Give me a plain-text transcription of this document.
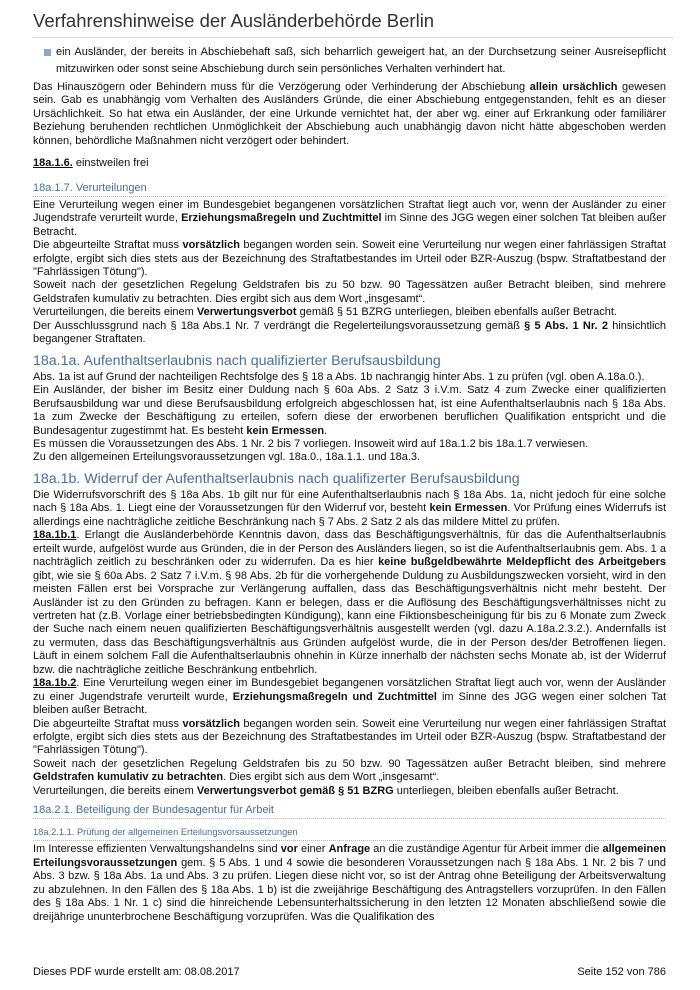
Verfahrenshinweise der Ausländerbehörde Berlin
ein Ausländer, der bereits in Abschiebehaft saß, sich beharrlich geweigert hat, an der Durchsetzung seiner Ausreisepflicht mitzuwirken oder sonst seine Abschiebung durch sein persönliches Verhalten verhindert hat.

Das Hinauszögern oder Behindern muss für die Verzögerung oder Verhinderung der Abschiebung allein ursächlich gewesen sein. Gab es unabhängig vom Verhalten des Ausländers Gründe, die einer Abschiebung entgegenstanden, fehlt es an dieser Ursächlichkeit. So hat etwa ein Ausländer, der eine Urkunde vernichtet hat, der aber wg. einer auf Erkrankung oder familiärer Beziehung beruhenden rechtlichen Unmöglichkeit der Abschiebung auch unabhängig davon nicht hätte abgeschoben werden können, behördliche Maßnahmen nicht verzögert oder behindert.

18a.1.6. einstweilen frei

18a.1.7. Verurteilungen

Eine Verurteilung wegen einer im Bundesgebiet begangenen vorsätzlichen Straftat liegt auch vor, wenn der Ausländer zu einer Jugendstrafe verurteilt wurde, Erziehungsmaßregeln und Zuchtmittel im Sinne des JGG wegen einer solchen Tat bleiben außer Betracht.

Die abgeurteilte Straftat muss vorsätzlich begangen worden sein. Soweit eine Verurteilung nur wegen einer fahrlässigen Straftat erfolgte, ergibt sich dies stets aus der Bezeichnung des Straftatbestandes im Urteil oder BZR-Auszug (bspw. Straftatbestand der "Fahrlässigen Tötung").

Soweit nach der gesetzlichen Regelung Geldstrafen bis zu 50 bzw. 90 Tagessätzen außer Betracht bleiben, sind mehrere Geldstrafen kumulativ zu betrachten. Dies ergibt sich aus dem Wort „insgesamt“.

Verurteilungen, die bereits einem Verwertungsverbot gemäß § 51 BZRG unterliegen, bleiben ebenfalls außer Betracht.

Der Ausschlussgrund nach § 18a Abs.1 Nr. 7 verdrängt die Regelerteilungsvoraussetzung gemäß § 5 Abs. 1 Nr. 2 hinsichtlich begangener Straftaten.

18a.1a. Aufenthaltserlaubnis nach qualifizierter Berufsausbildung

Abs. 1a ist auf Grund der nachteiligen Rechtsfolge des § 18 a Abs. 1b nachrangig hinter Abs. 1 zu prüfen (vgl. oben A.18a.0.).

Ein Ausländer, der bisher im Besitz einer Duldung nach § 60a Abs. 2 Satz 3 i.V.m. Satz 4 zum Zwecke einer qualifizierten Berufsausbildung war und diese Berufsausbildung erfolgreich abgeschlossen hat, ist eine Aufenthaltserlaubnis nach § 18a Abs. 1a zum Zwecke der Beschäftigung zu erteilen, sofern diese der erworbenen beruflichen Qualifikation entspricht und die Bundesagentur zugestimmt hat. Es besteht kein Ermessen.

Es müssen die Voraussetzungen des Abs. 1 Nr. 2 bis 7 vorliegen. Insoweit wird auf 18a.1.2 bis 18a.1.7 verwiesen.

Zu den allgemeinen Erteilungsvoraussetzungen vgl. 18a.0., 18a.1.1. und 18a.3.

18a.1b. Widerruf der Aufenthaltserlaubnis nach qualifizerter Berufsausbildung

Die Widerrufsvorschrift des § 18a Abs. 1b gilt nur für eine Aufenthaltserlaubnis nach § 18a Abs. 1a, nicht jedoch für eine solche nach § 18a Abs. 1. Liegt eine der Voraussetzungen für den Widerruf vor, besteht kein Ermessen. Vor Prüfung eines Widerrufs ist allerdings eine nachträgliche zeitliche Beschränkung nach § 7 Abs. 2 Satz 2 als das mildere Mittel zu prüfen.

18a.1b.1. Erlangt die Ausländerbehörde Kenntnis davon, dass das Beschäftigungsverhältnis, für das die Aufenthaltserlaubnis erteilt wurde, aufgelöst wurde aus Gründen, die in der Person des Ausländers liegen, so ist die Aufenthaltserlaubnis gem. Abs. 1 a nachträglich zeitlich zu beschränken oder zu widerrufen. Da es hier keine bußgeldbewährte Meldepflicht des Arbeitgebers gibt, wie sie § 60a Abs. 2 Satz 7 i.V.m. § 98 Abs. 2b für die vorhergehende Duldung zu Ausbildungszwecken vorsieht, wird in den meisten Fällen erst bei Vorsprache zur Verlängerung auffallen, dass das Beschäftigungsverhältnis nicht mehr besteht. Der Ausländer ist zu den Gründen zu befragen. Kann er belegen, dass er die Auflösung des Beschäftigungsverhältnisses nicht zu vertreten hat (z.B. Vorlage einer betriebsbedingten Kündigung), kann eine Fiktionsbescheinigung für bis zu 6 Monate zum Zweck der Suche nach einem neuen qualifizierten Beschäftigungsverhältnis ausgestellt werden (vgl. dazu A.18a.2.3.2.). Andernfalls ist zu vermuten, dass das Beschäftigungsverhältnis aus Gründen aufgelöst wurde, die in der Person des/der Betroffenen liegen. Läuft in einem solchem Fall die Aufenthaltserlaubnis ohnehin in Kürze innerhalb der nächsten sechs Monate ab, ist der Widerruf bzw. die nachträgliche zeitliche Beschränkung entbehrlich.

18a.1b.2. Eine Verurteilung wegen einer im Bundesgebiet begangenen vorsätzlichen Straftat liegt auch vor, wenn der Ausländer zu einer Jugendstrafe verurteilt wurde, Erziehungsmaßregeln und Zuchtmittel im Sinne des JGG wegen einer solchen Tat bleiben außer Betracht.

Die abgeurteilte Straftat muss vorsätzlich begangen worden sein. Soweit eine Verurteilung nur wegen einer fahrlässigen Straftat erfolgte, ergibt sich dies stets aus der Bezeichnung des Straftatbestandes im Urteil oder BZR-Auszug (bspw. Straftatbestand der "Fahrlässigen Tötung").

Soweit nach der gesetzlichen Regelung Geldstrafen bis zu 50 bzw. 90 Tagessätzen außer Betracht bleiben, sind mehrere Geldstrafen kumulativ zu betrachten. Dies ergibt sich aus dem Wort „insgesamt“.

Verurteilungen, die bereits einem Verwertungsverbot gemäß § 51 BZRG unterliegen, bleiben ebenfalls außer Betracht.

18a.2.1. Beteiligung der Bundesagentur für Arbeit
18a.2.1.1. Prüfung der allgemeinen Erteilungsvorsaussetzungen

Im Interesse effizienten Verwaltungshandelns sind vor einer Anfrage an die zuständige Agentur für Arbeit immer die allgemeinen Erteilungsvoraussetzungen gem. § 5 Abs. 1 und 4 sowie die besonderen Voraussetzungen nach § 18a Abs. 1 Nr. 2 bis 7 und Abs. 3 bzw. § 18a Abs. 1a und Abs. 3 zu prüfen. Liegen diese nicht vor, so ist der Antrag ohne Beteiligung der Arbeitsverwaltung zu abzulehnen. In den Fällen des § 18a Abs. 1 b) ist die zweijährige Beschäftigung des Antragstellers vorzuprüfen. In den Fällen des § 18a Abs. 1 Nr. 1 c) sind die hinreichende Lebensunterhaltssicherung in den letzten 12 Monaten abschließend sowie die dreijährige ununterbrochene Beschäftigung vorzuprüfen. Was die Qualifikation des

Dieses PDF wurde erstellt am: 08.08.2017	Seite 152 von 786
